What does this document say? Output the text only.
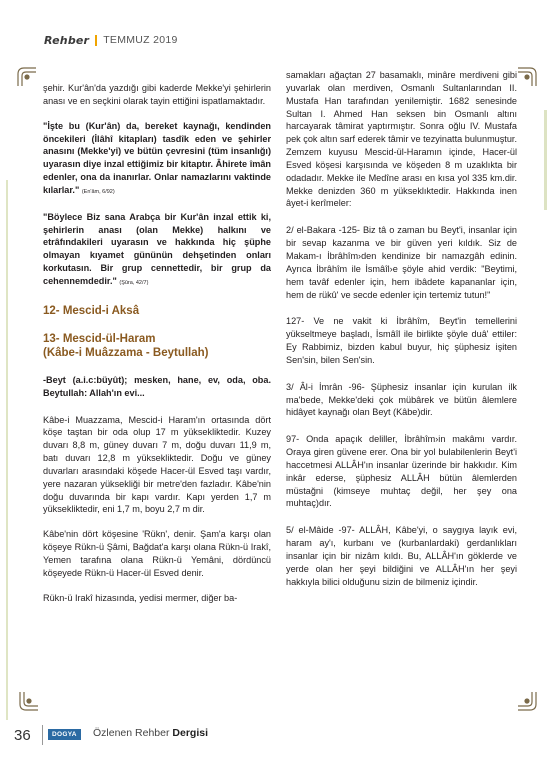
Rehber TEMMUZ 2019

şehir. Kur'ân'da yazdığı gibi kaderde Mekke'yi şehirlerin anası ve en seçkini olarak tayin ettiğini ispatlamaktadır.

"İşte bu (Kur'ân) da, bereket kaynağı, kendinden öncekileri (İlâhî kitapları) tasdîk eden ve şehirler anasını (Mekke'yi) ve bütün çevresini (tüm insanlığı) uyarasın diye inzal ettiğimiz bir kitaptır. Âhirete îmân edenler, ona da inanırlar. Onlar namazlarını vaktinde kılarlar." (En'âm, 6/92)

"Böylece Biz sana Arabça bir Kur'ân inzal ettik ki, şehirlerin anası (olan Mekke) halkını ve etrâfındakileri uyarasın ve hakkında hiç şüphe olmayan kıyamet gününün dehşetinden onları korkutasın. Bir grup cennettedir, bir grup da cehennemdedir." (Şûra, 42/7)

12- Mescid-i Aksâ
13- Mescid-ül-Haram
(Kâbe-i Muâzzama - Beytullah)

-Beyt (a.i.c:büyût); mesken, hane, ev, oda, oba. Beytullah: Allah'ın evi...

Kâbe-i Muazzama, Mescid-i Haram'ın ortasında dört köşe taştan bir oda olup 17 m yüksekliktedir. Kuzey duvarı 8,8 m, güney duvarı 7 m, doğu duvarı 11,9 m, batı duvarı 12,8 m yüksekliktedir. Doğu ve güney duvarları arasındaki köşede Hacer-ül Esved taşı vardır, yere nazaran yüksekliği bir metre'den fazladır. Kâbe'nin doğu duvarında bir kapı vardır. Kapı yerden 1,7 m yüksekliktedir, eni 1,7 m, boyu 2,7 m dir.

Kâbe'nin dört köşesine 'Rükn', denir. Şam'a karşı olan köşeye Rükn-ü Şâmi, Bağdat'a karşı olana Rükn-ü Irakî, Yemen tarafına olana Rükn-ü Yemâni, dördüncü köşeyede Rükn-ü Hacer-ül Esved denir.

Rükn-ü Irakî hizasında, yedisi mermer, diğer ba-

samakları ağaçtan 27 basamaklı, minâre merdiveni gibi yuvarlak olan merdiven, Osmanlı Sultanlarından II. Mustafa Han tarafından yenilemiştir. 1682 senesinde Sultan I. Ahmed Han seksen bin Osmanlı altını harcayarak tâmirat yaptırmıştır. Sonra oğlu IV. Mustafa pek çok altın sarf ederek tâmir ve tezyinatta bulunmuştur. Zemzem kuyusu Mescid-ül-Haramın içinde, Hacer-ül Esved köşesi karşısında ve köşeden 8 m uzaklıkta bir odadadır. Mekke ile Medîne arası en kısa yol 335 km.dir. Mekke denizden 360 m yükseklıktedir. Hakkında inen âyet-i kerîmeler:

2/ el-Bakara -125- Biz tâ o zaman bu Beyt'i, insanlar için bir sevap kazanma ve bir güven yeri kıldık. Siz de Makam-ı İbrâhîm›den kendinize bir namazgâh edinin. Ayrıca İbrâhîm ile İsmâîl›e şöyle ahid verdik: "Beytimi, hem tavâf edenler için, hem ibâdete kapananlar için, hem de rükû' ve secde edenler için tertemiz tutun!"

127- Ve ne vakit ki İbrâhîm, Beyt'in temellerini yükseltmeye başladı, İsmâîl ile birlikte şöyle duâ' ettiler: Ey Rabbimiz, bizden kabul buyur, hiç şüphesiz işiten Sen'sin, bilen Sen'sin.

3/ Âl-i İmrân -96- Şüphesiz insanlar için kurulan ilk ma'bede, Mekke'deki çok mübârek ve bütün âlemlere hidâyet kaynağı olan Beyt (Kâbe)dir.

97- Onda apaçık deliller, İbrâhîm›in makâmı vardır. Oraya giren güvene erer. Ona bir yol bulabilenlerin Beyt'i haccetmesi ALLÂH'ın insanlar üzerinde bir hakkıdır. Kim inkâr ederse, şüphesiz ALLÂH bütün âlemlerden müstağni (kimseye muhtaç değil, her şey ona muhtaç)dır.

5/ el-Mâide -97- ALLÂH, Kâbe'yi, o saygıya layık evi, haram ay'ı, kurbanı ve (kurbanlardaki) gerdanlıkları insanlar için bir nizâm kıldı. Bu, ALLÂH'ın göklerde ve yerde olan her şeyi bildiğini ve ALLÂH'ın her şeyi hakkıyla bilici olduğunu sizin de bilmeniz içindir.

36	DOGYA	Özlenen Rehber Dergisi
